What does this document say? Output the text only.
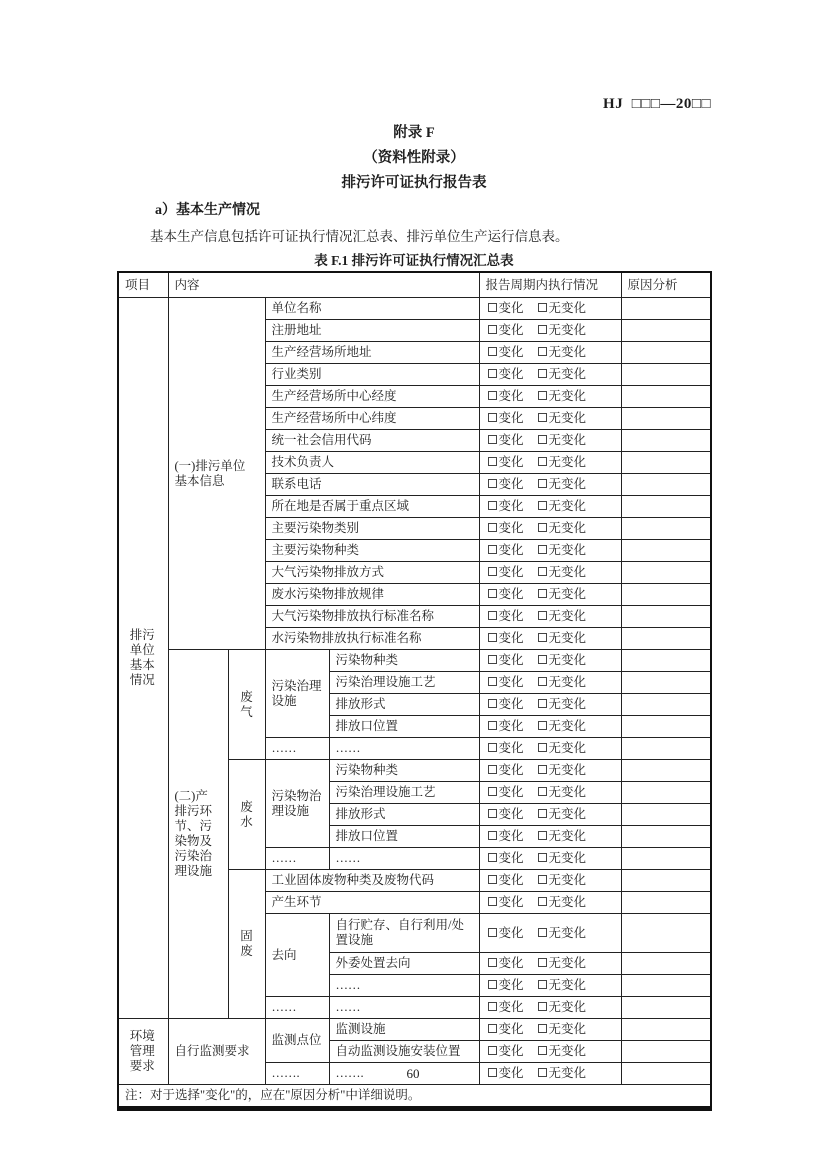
HJ  □□□—20□□
附录 F
（资料性附录）
排污许可证执行报告表
a）基本生产情况

基本生产信息包括许可证执行情况汇总表、排污单位生产运行信息表。

表 F.1 排污许可证执行情况汇总表
项目	内容				报告周期内执行情况	原因分析
排污单位基本情况	(一)排污单位基本信息		单位名称		变化 无变化	
			注册地址		变化 无变化	
			生产经营场所地址		变化 无变化	
			行业类别		变化 无变化	
			生产经营场所中心经度		变化 无变化	
			生产经营场所中心纬度		变化 无变化	
			统一社会信用代码		变化 无变化	
			技术负责人		变化 无变化	
			联系电话		变化 无变化	
			所在地是否属于重点区域		变化 无变化	
			主要污染物类别		变化 无变化	
			主要污染物种类		变化 无变化	
			大气污染物排放方式		变化 无变化	
			废水污染物排放规律		变化 无变化	
			大气污染物排放执行标准名称		变化 无变化	
			水污染物排放执行标准名称		变化 无变化	
	(二)产排污环节、污染物及污染治理设施	废气	污染治理设施	污染物种类	变化 无变化	
				污染治理设施工艺	变化 无变化	
				排放形式	变化 无变化	
				排放口位置	变化 无变化	
			……	……	变化 无变化	
		废水	污染物治理设施	污染物种类	变化 无变化	
				污染治理设施工艺	变化 无变化	
				排放形式	变化 无变化	
				排放口位置	变化 无变化	
			……	……	变化 无变化	
		固废	工业固体废物种类及废物代码		变化 无变化	
			产生环节		变化 无变化	
			去向	自行贮存、自行利用/处置设施	变化 无变化	
				外委处置去向	变化 无变化	
				……	变化 无变化	
			……	……	变化 无变化	
环境管理要求	自行监测要求		监测点位	监测设施	变化 无变化	
				自动监测设施安装位置	变化 无变化	
			…….	…….	变化 无变化	
注：对于选择"变化"的，应在"原因分析"中详细说明。						
60
